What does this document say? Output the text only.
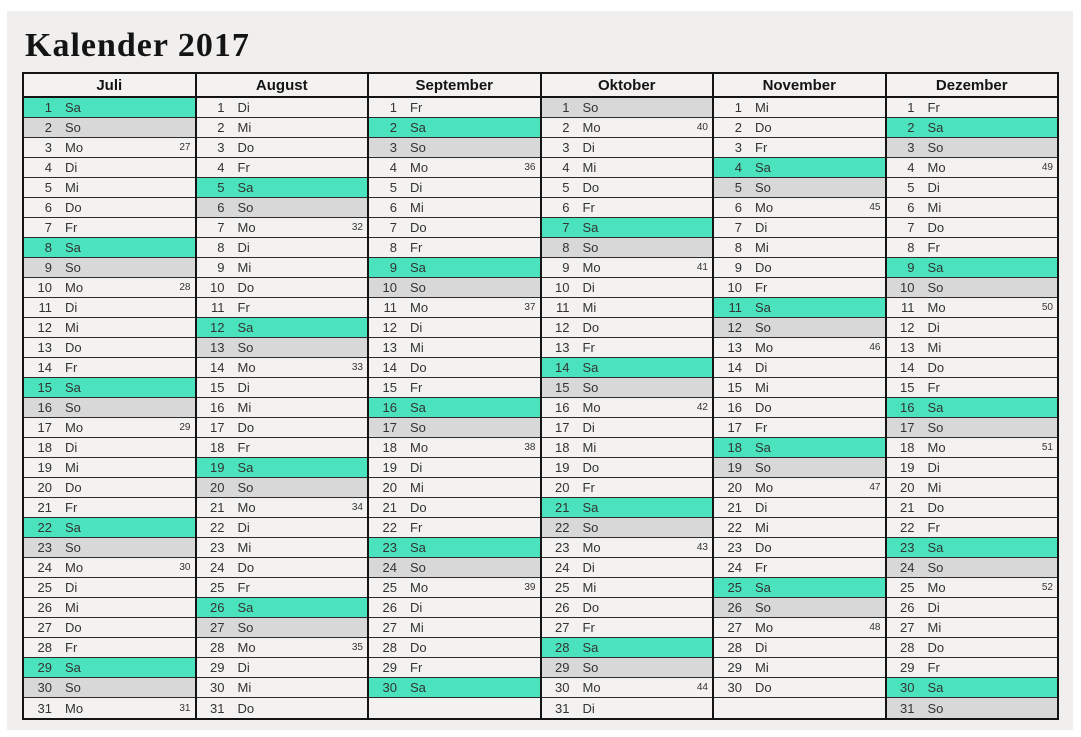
Kalender 2017
Juli
1 Sa
2 So
3 Mo	27
4 Di
5 Mi
6 Do
7 Fr
8 Sa
9 So
10 Mo	28
11 Di
12 Mi
13 Do
14 Fr
15 Sa
16 So
17 Mo	29
18 Di
19 Mi
20 Do
21 Fr
22 Sa
23 So
24 Mo	30
25 Di
26 Mi
27 Do
28 Fr
29 Sa
30 So
31 Mo	31
August
1 Di
2 Mi
3 Do
4 Fr
5 Sa
6 So
7 Mo	32
8 Di
9 Mi
10 Do
11 Fr
12 Sa
13 So
14 Mo	33
15 Di
16 Mi
17 Do
18 Fr
19 Sa
20 So
21 Mo	34
22 Di
23 Mi
24 Do
25 Fr
26 Sa
27 So
28 Mo	35
29 Di
30 Mi
31 Do
September
1 Fr
2 Sa
3 So
4 Mo	36
5 Di
6 Mi
7 Do
8 Fr
9 Sa
10 So
11 Mo	37
12 Di
13 Mi
14 Do
15 Fr
16 Sa
17 So
18 Mo	38
19 Di
20 Mi
21 Do
22 Fr
23 Sa
24 So
25 Mo	39
26 Di
27 Mi
28 Do
29 Fr
30 Sa
Oktober
1 So
2 Mo	40
3 Di
4 Mi
5 Do
6 Fr
7 Sa
8 So
9 Mo	41
10 Di
11 Mi
12 Do
13 Fr
14 Sa
15 So
16 Mo	42
17 Di
18 Mi
19 Do
20 Fr
21 Sa
22 So
23 Mo	43
24 Di
25 Mi
26 Do
27 Fr
28 Sa
29 So
30 Mo	44
31 Di
November
1 Mi
2 Do
3 Fr
4 Sa
5 So
6 Mo	45
7 Di
8 Mi
9 Do
10 Fr
11 Sa
12 So
13 Mo	46
14 Di
15 Mi
16 Do
17 Fr
18 Sa
19 So
20 Mo	47
21 Di
22 Mi
23 Do
24 Fr
25 Sa
26 So
27 Mo	48
28 Di
29 Mi
30 Do
Dezember
1 Fr
2 Sa
3 So
4 Mo	49
5 Di
6 Mi
7 Do
8 Fr
9 Sa
10 So
11 Mo	50
12 Di
13 Mi
14 Do
15 Fr
16 Sa
17 So
18 Mo	51
19 Di
20 Mi
21 Do
22 Fr
23 Sa
24 So
25 Mo	52
26 Di
27 Mi
28 Do
29 Fr
30 Sa
31 So
